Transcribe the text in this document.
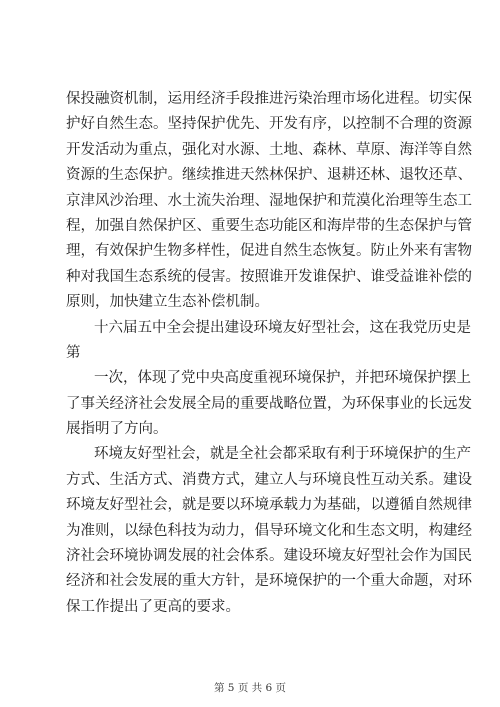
保投融资机制，运用经济手段推进污染治理市场化进程。切实保
护好自然生态。坚持保护优先、开发有序，以控制不合理的资源
开发活动为重点，强化对水源、土地、森林、草原、海洋等自然
资源的生态保护。继续推进天然林保护、退耕还林、退牧还草、
京津风沙治理、水土流失治理、湿地保护和荒漠化治理等生态工
程，加强自然保护区、重要生态功能区和海岸带的生态保护与管
理，有效保护生物多样性，促进自然生态恢复。防止外来有害物
种对我国生态系统的侵害。按照谁开发谁保护、谁受益谁补偿的
原则，加快建立生态补偿机制。
十六届五中全会提出建设环境友好型社会，这在我党历史是
第
一次，体现了党中央高度重视环境保护，并把环境保护摆上
了事关经济社会发展全局的重要战略位置，为环保事业的长远发
展指明了方向。
环境友好型社会，就是全社会都采取有利于环境保护的生产
方式、生活方式、消费方式，建立人与环境良性互动关系。建设
环境友好型社会，就是要以环境承载力为基础，以遵循自然规律
为准则，以绿色科技为动力，倡导环境文化和生态文明，构建经
济社会环境协调发展的社会体系。建设环境友好型社会作为国民
经济和社会发展的重大方针，是环境保护的一个重大命题，对环
保工作提出了更高的要求。
第 5 页 共 6 页
